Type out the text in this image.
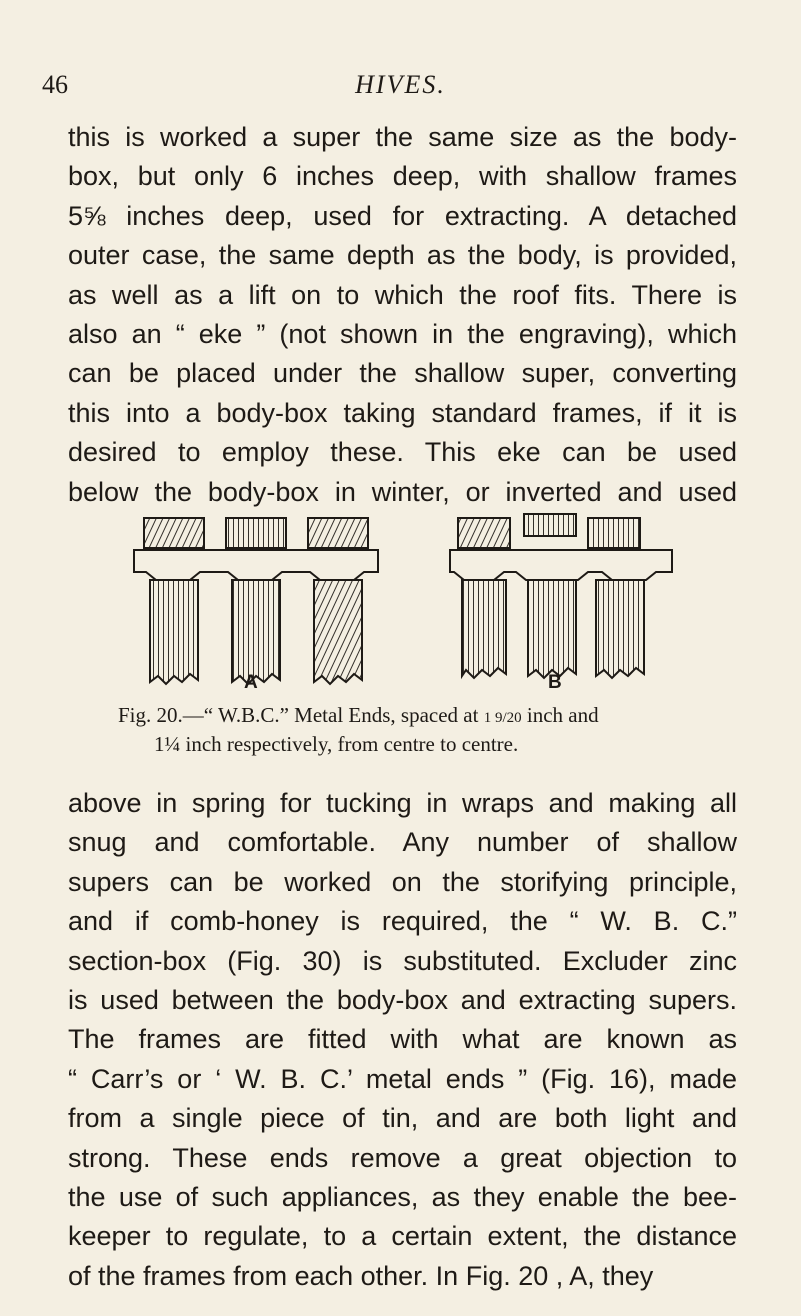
46	HIVES.
this is worked a super the same size as the body-
box, but only 6 inches deep, with shallow frames
5⅝ inches deep, used for extracting. A detached
outer case, the same depth as the body, is provided,
as well as a lift on to which the roof fits. There is
also an “ eke ” (not shown in the engraving), which
can be placed under the shallow super, converting
this into a body-box taking standard frames, if it is
desired to employ these. This eke can be used
below the body-box in winter, or inverted and used
A	B
Fig. 20.—“ W.B.C.” Metal Ends, spaced at 1 9/20 inch and
1¼ inch respectively, from centre to centre.
above in spring for tucking in wraps and making all
snug and comfortable. Any number of shallow
supers can be worked on the storifying principle,
and if comb-honey is required, the “ W. B. C.”
section-box (Fig. 30) is substituted. Excluder zinc
is used between the body-box and extracting supers.
The frames are fitted with what are known as
“ Carr’s or ‘ W. B. C.’ metal ends ” (Fig. 16), made
from a single piece of tin, and are both light and
strong. These ends remove a great objection to
the use of such appliances, as they enable the bee-
keeper to regulate, to a certain extent, the distance
of the frames from each other. In Fig. 20 , A, they
